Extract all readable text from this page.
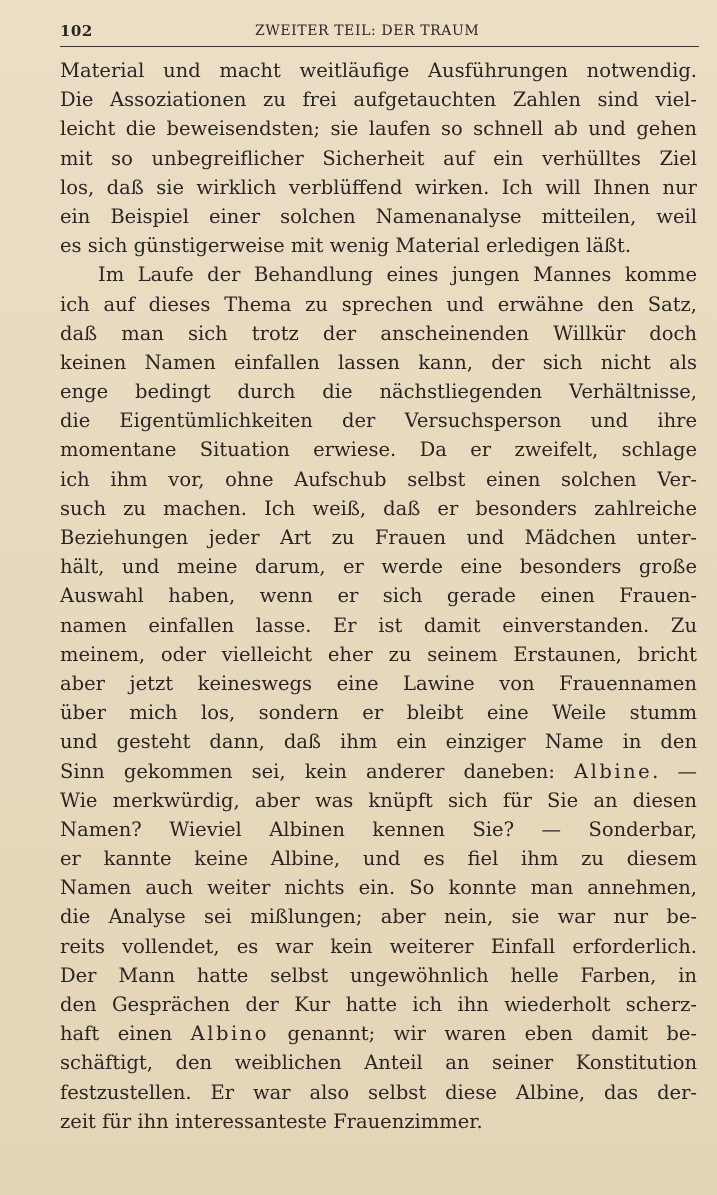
102	ZWEITER TEIL: DER TRAUM
Material und macht weitläufige Ausführungen notwendig.
Die Assoziationen zu frei aufgetauchten Zahlen sind viel-
leicht die beweisendsten; sie laufen so schnell ab und gehen
mit so unbegreiflicher Sicherheit auf ein verhülltes Ziel
los, daß sie wirklich verblüffend wirken. Ich will Ihnen nur
ein Beispiel einer solchen Namenanalyse mitteilen, weil
es sich günstigerweise mit wenig Material erledigen läßt.
Im Laufe der Behandlung eines jungen Mannes komme
ich auf dieses Thema zu sprechen und erwähne den Satz,
daß man sich trotz der anscheinenden Willkür doch
keinen Namen einfallen lassen kann, der sich nicht als
enge bedingt durch die nächstliegenden Verhältnisse,
die Eigentümlichkeiten der Versuchsperson und ihre
momentane Situation erwiese. Da er zweifelt, schlage
ich ihm vor, ohne Aufschub selbst einen solchen Ver-
such zu machen. Ich weiß, daß er besonders zahlreiche
Beziehungen jeder Art zu Frauen und Mädchen unter-
hält, und meine darum, er werde eine besonders große
Auswahl haben, wenn er sich gerade einen Frauen-
namen einfallen lasse. Er ist damit einverstanden. Zu
meinem, oder vielleicht eher zu seinem Erstaunen, bricht
aber jetzt keineswegs eine Lawine von Frauennamen
über mich los, sondern er bleibt eine Weile stumm
und gesteht dann, daß ihm ein einziger Name in den
Sinn gekommen sei, kein anderer daneben: Albine. —
Wie merkwürdig, aber was knüpft sich für Sie an diesen
Namen? Wieviel Albinen kennen Sie? — Sonderbar,
er kannte keine Albine, und es fiel ihm zu diesem
Namen auch weiter nichts ein. So konnte man annehmen,
die Analyse sei mißlungen; aber nein, sie war nur be-
reits vollendet, es war kein weiterer Einfall erforderlich.
Der Mann hatte selbst ungewöhnlich helle Farben, in
den Gesprächen der Kur hatte ich ihn wiederholt scherz-
haft einen Albino genannt; wir waren eben damit be-
schäftigt, den weiblichen Anteil an seiner Konstitution
festzustellen. Er war also selbst diese Albine, das der-
zeit für ihn interessanteste Frauenzimmer.
